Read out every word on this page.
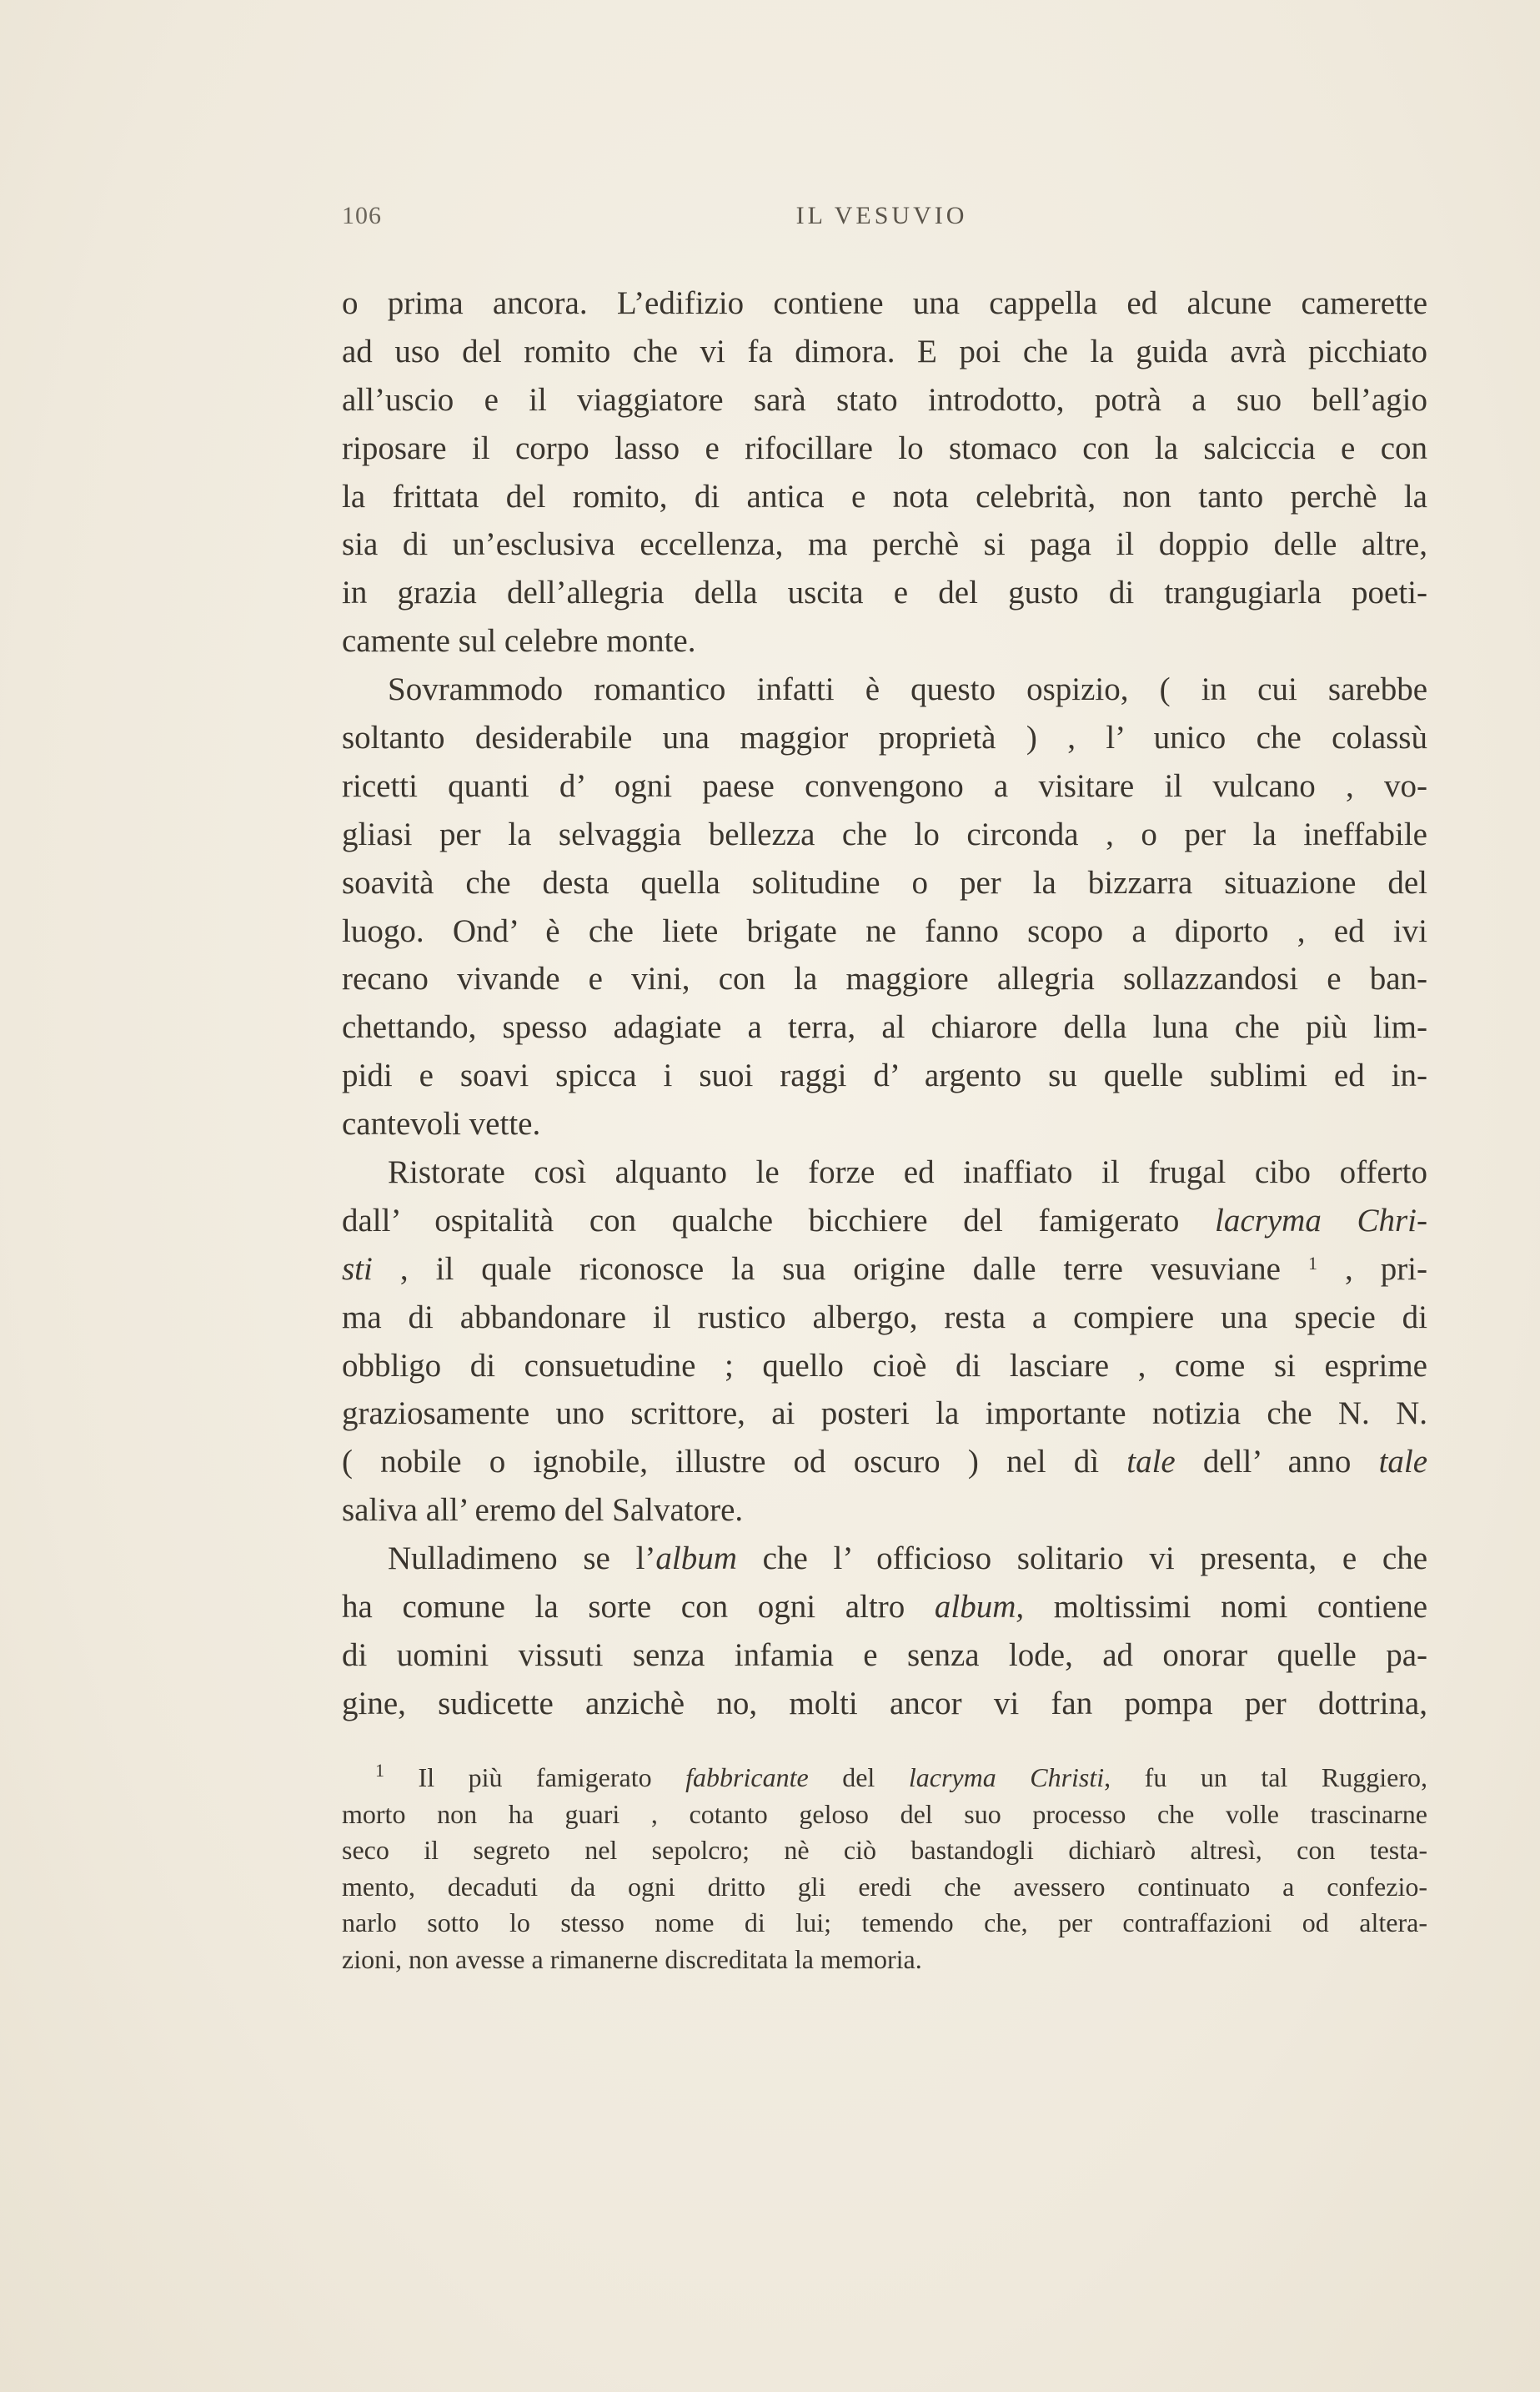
106	IL VESUVIO
o prima ancora. L’edifizio contiene una cappella ed alcune camerette
ad uso del romito che vi fa dimora. E poi che la guida avrà picchiato
all’uscio e il viaggiatore sarà stato introdotto, potrà a suo bell’agio
riposare il corpo lasso e rifocillare lo stomaco con la salciccia e con
la frittata del romito, di antica e nota celebrità, non tanto perchè la
sia di un’esclusiva eccellenza, ma perchè si paga il doppio delle altre,
in grazia dell’allegria della uscita e del gusto di trangugiarla poeti-
camente sul celebre monte.
Sovrammodo romantico infatti è questo ospizio, ( in cui sarebbe
soltanto desiderabile una maggior proprietà ) , l’ unico che colassù
ricetti quanti d’ ogni paese convengono a visitare il vulcano , vo-
gliasi per la selvaggia bellezza che lo circonda , o per la ineffabile
soavità che desta quella solitudine o per la bizzarra situazione del
luogo. Ond’ è che liete brigate ne fanno scopo a diporto , ed ivi
recano vivande e vini, con la maggiore allegria sollazzandosi e ban-
chettando, spesso adagiate a terra, al chiarore della luna che più lim-
pidi e soavi spicca i suoi raggi d’ argento su quelle sublimi ed in-
cantevoli vette.
Ristorate così alquanto le forze ed inaffiato il frugal cibo offerto
dall’ ospitalità con qualche bicchiere del famigerato lacryma Chri-
sti , il quale riconosce la sua origine dalle terre vesuviane $^1$ , pri-
ma di abbandonare il rustico albergo, resta a compiere una specie di
obbligo di consuetudine ; quello cioè di lasciare , come si esprime
graziosamente uno scrittore, ai posteri la importante notizia che N. N.
( nobile o ignobile, illustre od oscuro ) nel dì tale dell’ anno tale
saliva all’ eremo del Salvatore.
Nulladimeno se l’album che l’ officioso solitario vi presenta, e che
ha comune la sorte con ogni altro album, moltissimi nomi contiene
di uomini vissuti senza infamia e senza lode, ad onorar quelle pa-
gine, sudicette anzichè no, molti ancor vi fan pompa per dottrina,
$^1$ Il più famigerato fabbricante del lacryma Christi, fu un tal Ruggiero,
morto non ha guari , cotanto geloso del suo processo che volle trascinarne
seco il segreto nel sepolcro; nè ciò bastandogli dichiarò altresì, con testa-
mento, decaduti da ogni dritto gli eredi che avessero continuato a confezio-
narlo sotto lo stesso nome di lui; temendo che, per contraffazioni od altera-
zioni, non avesse a rimanerne discreditata la memoria.
